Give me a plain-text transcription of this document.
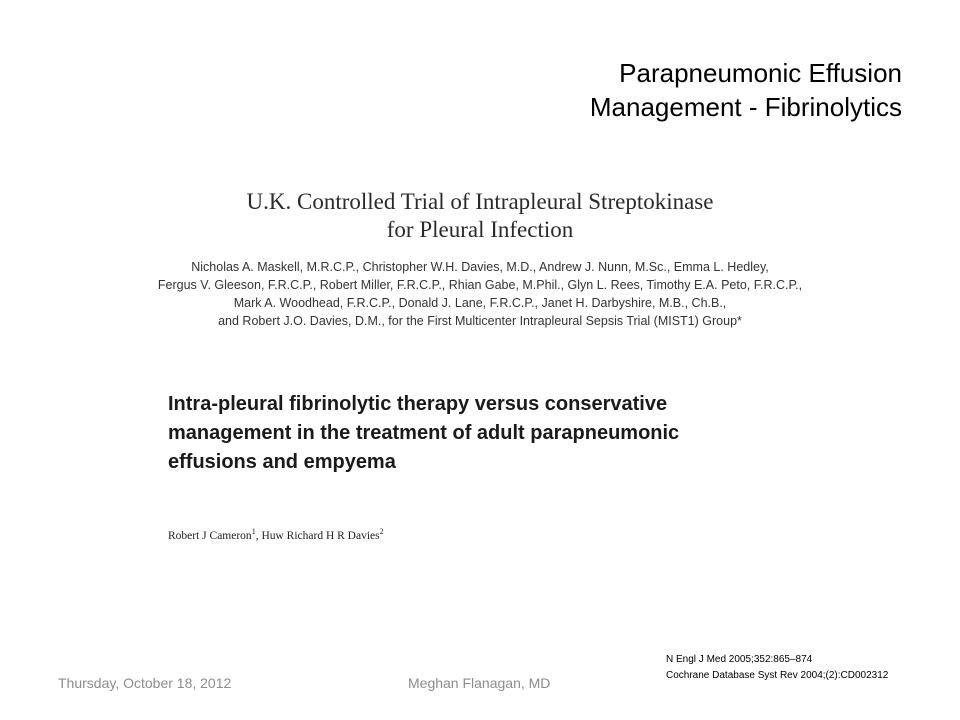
Parapneumonic Effusion
Management - Fibrinolytics
U.K. Controlled Trial of Intrapleural Streptokinase
for Pleural Infection
Nicholas A. Maskell, M.R.C.P., Christopher W.H. Davies, M.D., Andrew J. Nunn, M.Sc., Emma L. Hedley,
Fergus V. Gleeson, F.R.C.P., Robert Miller, F.R.C.P., Rhian Gabe, M.Phil., Glyn L. Rees, Timothy E.A. Peto, F.R.C.P.,
Mark A. Woodhead, F.R.C.P., Donald J. Lane, F.R.C.P., Janet H. Darbyshire, M.B., Ch.B.,
and Robert J.O. Davies, D.M., for the First Multicenter Intrapleural Sepsis Trial (MIST1) Group*
Intra-pleural fibrinolytic therapy versus conservative
management in the treatment of adult parapneumonic
effusions and empyema
Robert J Cameron$^1$, Huw Richard H R Davies$^2$
N Engl J Med 2005;352:865–874
Cochrane Database Syst Rev 2004;(2):CD002312
Thursday, October 18, 2012	Meghan Flanagan, MD
